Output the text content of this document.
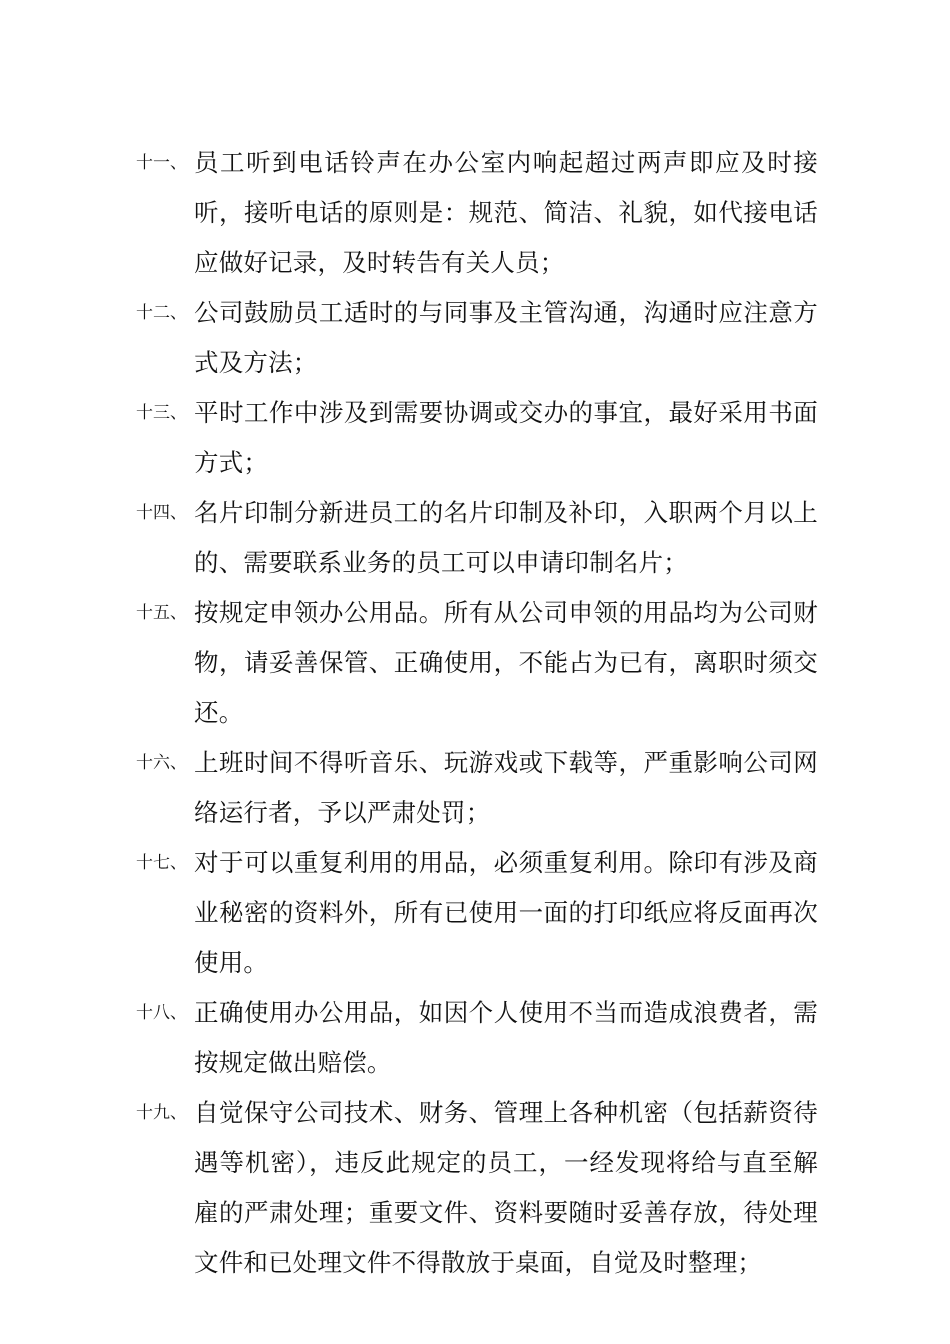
十一、 员工听到电话铃声在办公室内响起超过两声即应及时接听，接听电话的原则是：规范、简洁、礼貌，如代接电话应做好记录，及时转告有关人员；
十二、 公司鼓励员工适时的与同事及主管沟通，沟通时应注意方式及方法；
十三、 平时工作中涉及到需要协调或交办的事宜，最好采用书面方式；
十四、 名片印制分新进员工的名片印制及补印，入职两个月以上的、需要联系业务的员工可以申请印制名片；
十五、 按规定申领办公用品。所有从公司申领的用品均为公司财物，请妥善保管、正确使用，不能占为已有，离职时须交还。
十六、 上班时间不得听音乐、玩游戏或下载等，严重影响公司网络运行者，予以严肃处罚；
十七、 对于可以重复利用的用品，必须重复利用。除印有涉及商业秘密的资料外，所有已使用一面的打印纸应将反面再次使用。
十八、 正确使用办公用品，如因个人使用不当而造成浪费者，需按规定做出赔偿。
十九、 自觉保守公司技术、财务、管理上各种机密（包括薪资待遇等机密），违反此规定的员工，一经发现将给与直至解雇的严肃处理；重要文件、资料要随时妥善存放，待处理文件和已处理文件不得散放于桌面，自觉及时整理；
